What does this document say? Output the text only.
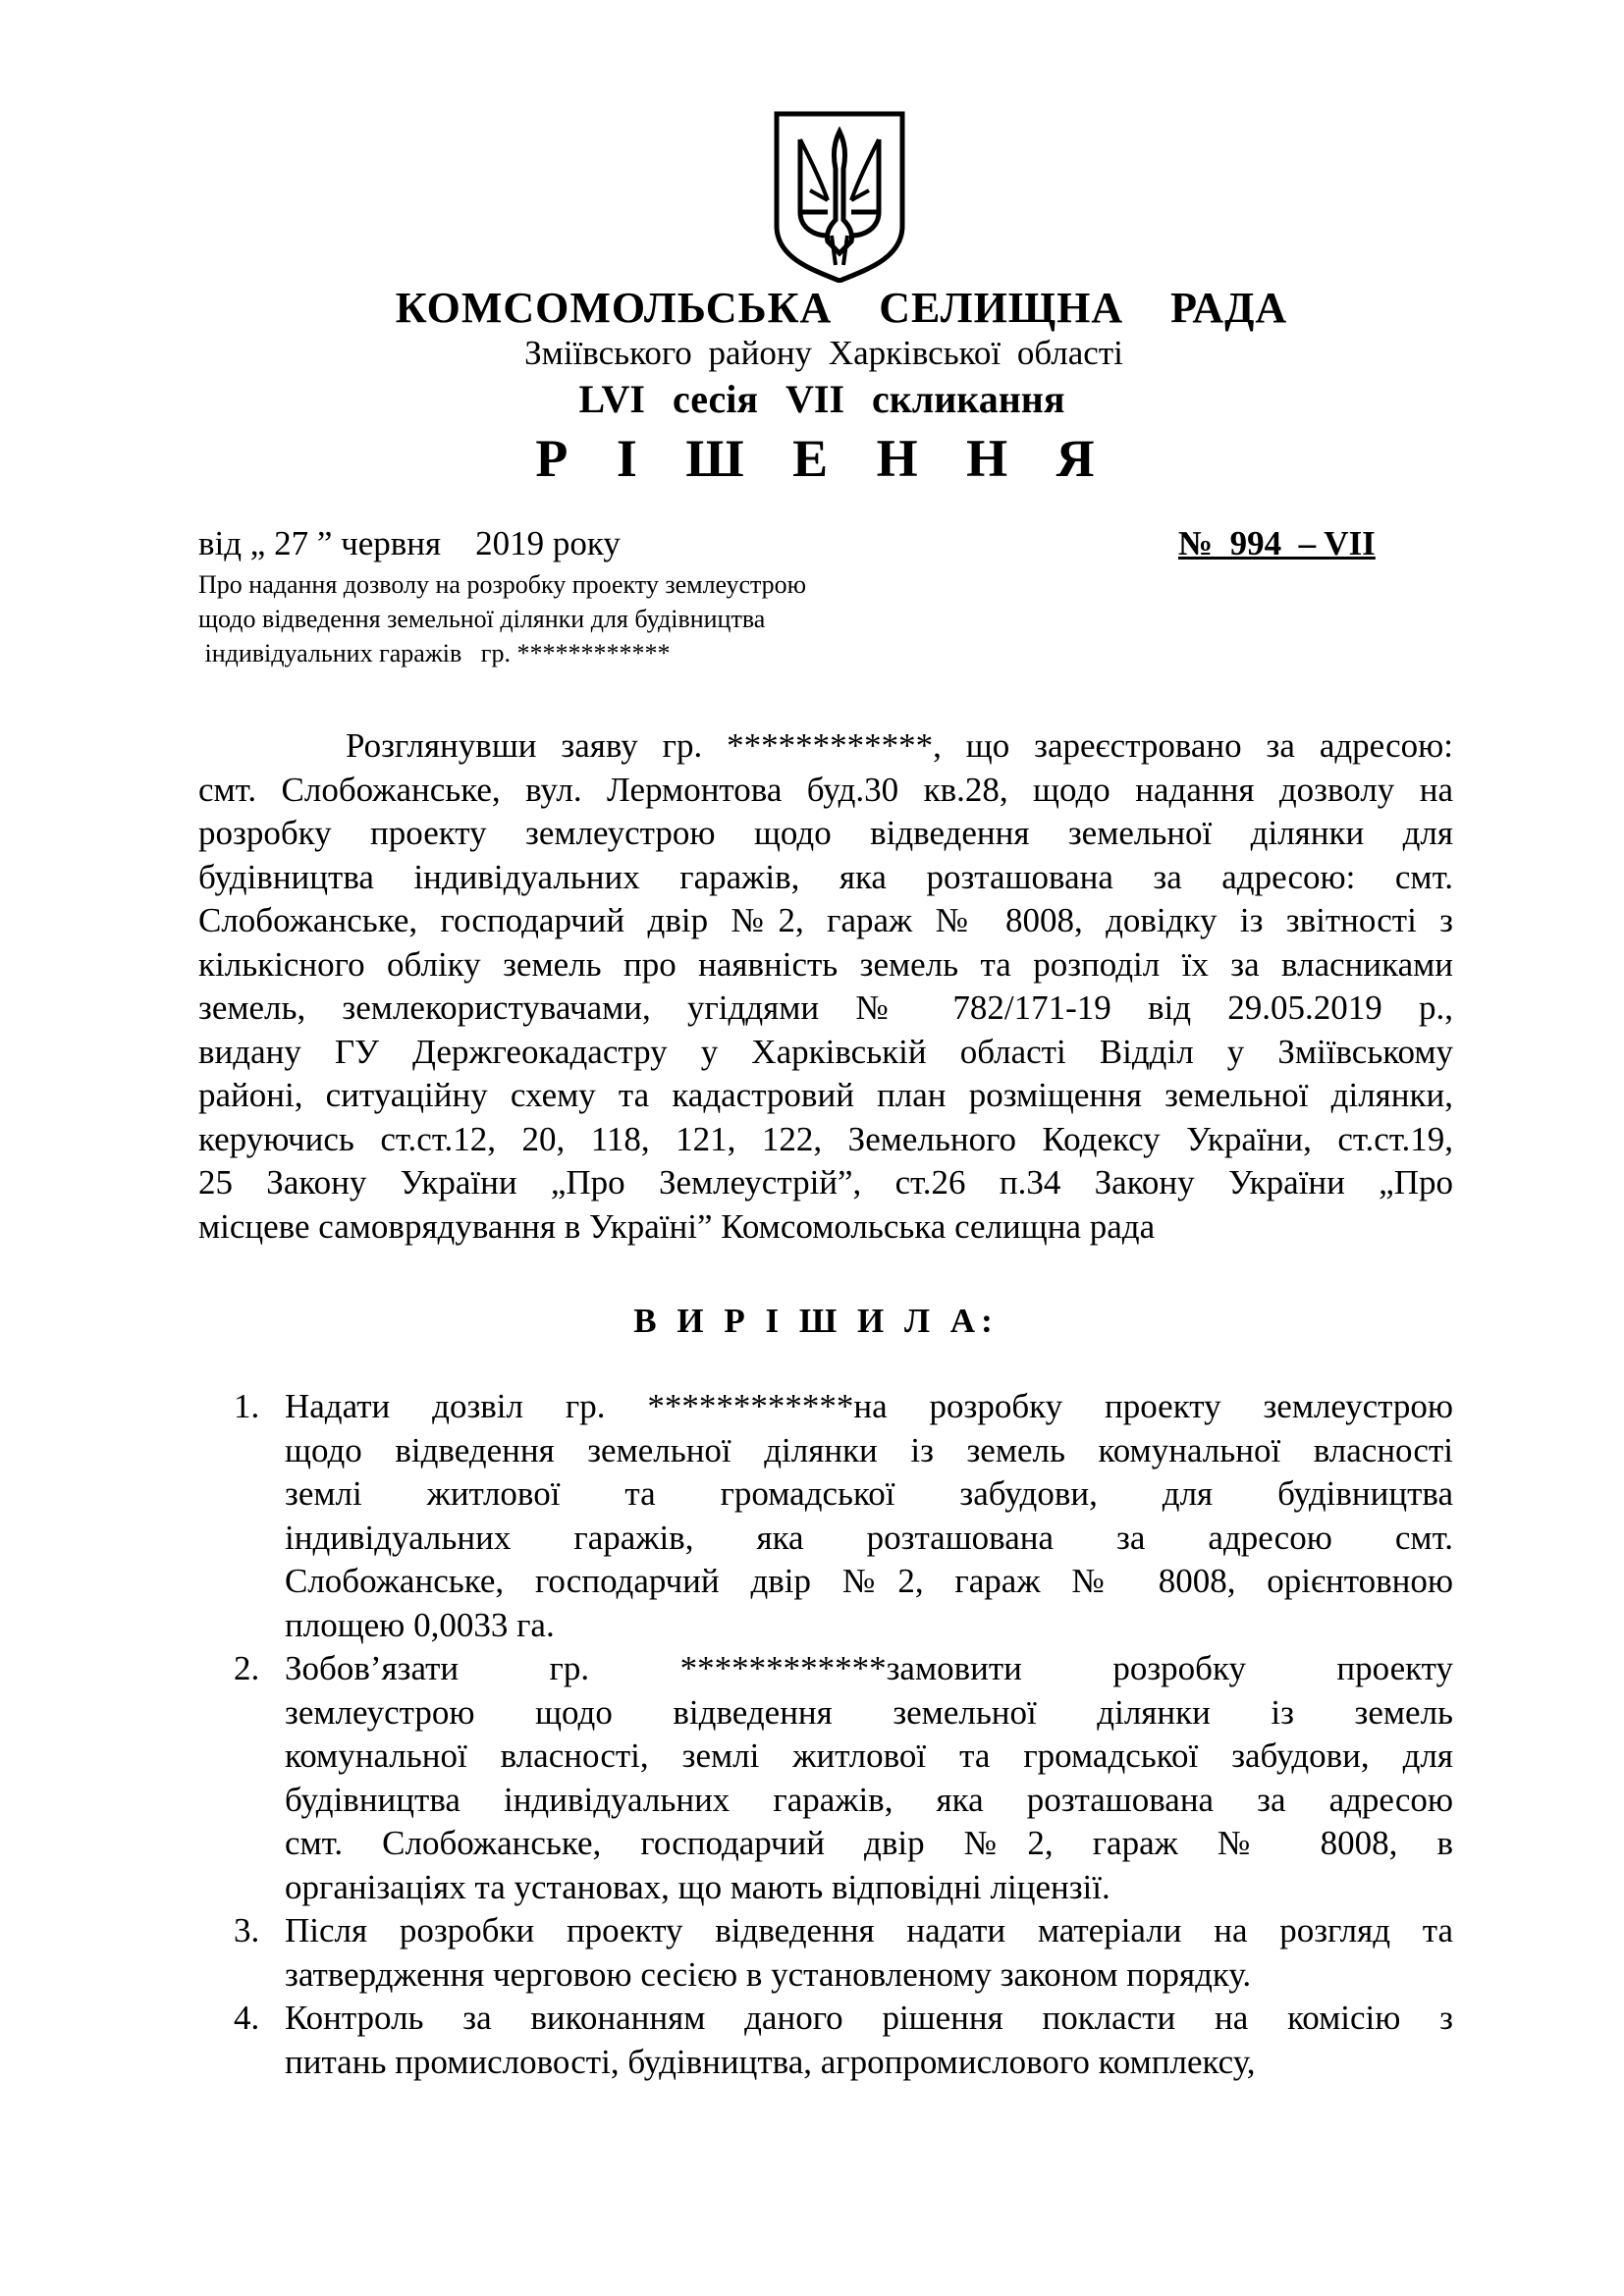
КОМСОМОЛЬСЬКА СЕЛИЩНА РАДА
Зміївського району Харківської області
LVI сесія VII скликання
Р І Ш Е Н Н Я
від „ 27 ” червня    2019 року	№  994  – VII
Про надання дозволу на розробку проекту землеустрою
щодо відведення земельної ділянки для будівництва
індивідуальних гаражів   гр. ************
Розглянувши заяву гр. ************, що зареєстровано за адресою:
смт. Слобожанське, вул. Лермонтова буд.30 кв.28, щодо надання дозволу на
розробку проекту землеустрою щодо відведення земельної ділянки для
будівництва індивідуальних гаражів, яка розташована за адресою: смт.
Слобожанське, господарчий двір №2, гараж № 8008, довідку із звітності з
кількісного обліку земель про наявність земель та розподіл їх за власниками
земель, землекористувачами, угіддями № 782/171-19 від 29.05.2019 р.,
видану ГУ Держгеокадастру у Харківській області Відділ у Зміївському
районі, ситуаційну схему та кадастровий план розміщення земельної ділянки,
керуючись ст.ст.12, 20, 118, 121, 122, Земельного Кодексу України, ст.ст.19,
25 Закону України „Про Землеустрій”, ст.26 п.34 Закону України „Про
місцеве самоврядування в Україні” Комсомольська селищна рада
В И Р І Ш И Л А:
1. Надати дозвіл гр. ************на розробку проекту землеустрою
щодо відведення земельної ділянки із земель комунальної власності
землі житлової та громадської забудови, для будівництва
індивідуальних гаражів, яка розташована за адресою смт.
Слобожанське, господарчий двір №2, гараж № 8008, орієнтовною
площею 0,0033 га.
2. Зобов’язати гр. ************замовити розробку проекту
землеустрою щодо відведення земельної ділянки із земель
комунальної власності, землі житлової та громадської забудови, для
будівництва індивідуальних гаражів, яка розташована за адресою
смт. Слобожанське, господарчий двір №2, гараж № 8008, в
організаціях та установах, що мають відповідні ліцензії.
3. Після розробки проекту відведення надати матеріали на розгляд та
затвердження черговою сесією в установленому законом порядку.
4. Контроль за виконанням даного рішення покласти на комісію з
питань промисловості, будівництва, агропромислового комплексу,
